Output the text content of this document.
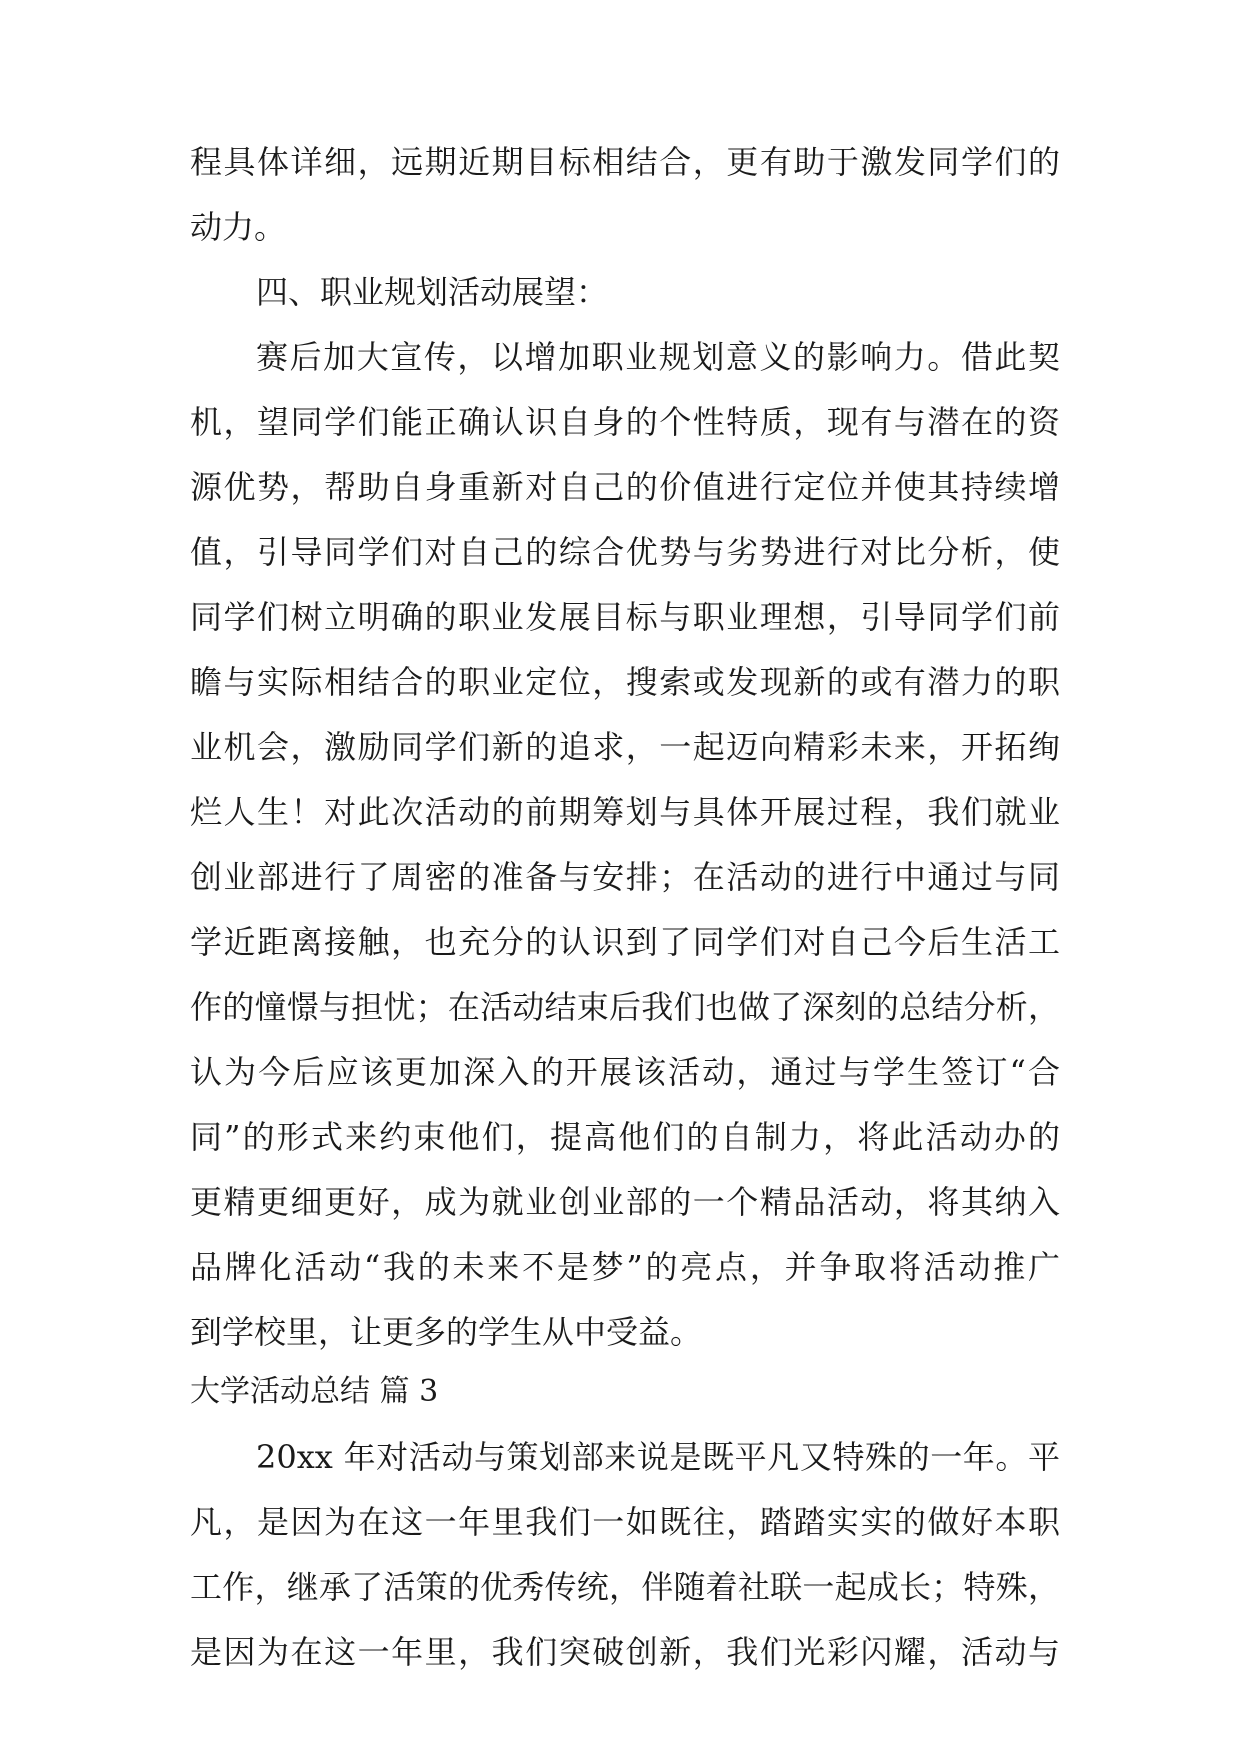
程具体详细，远期近期目标相结合，更有助于激发同学们的
动力。
四、职业规划活动展望：
赛后加大宣传，以增加职业规划意义的影响力。借此契
机，望同学们能正确认识自身的个性特质，现有与潜在的资
源优势，帮助自身重新对自己的价值进行定位并使其持续增
值，引导同学们对自己的综合优势与劣势进行对比分析，使
同学们树立明确的职业发展目标与职业理想，引导同学们前
瞻与实际相结合的职业定位，搜索或发现新的或有潜力的职
业机会，激励同学们新的追求，一起迈向精彩未来，开拓绚
烂人生！对此次活动的前期筹划与具体开展过程，我们就业
创业部进行了周密的准备与安排；在活动的进行中通过与同
学近距离接触，也充分的认识到了同学们对自己今后生活工
作的憧憬与担忧；在活动结束后我们也做了深刻的总结分析，
认为今后应该更加深入的开展该活动，通过与学生签订“合
同”的形式来约束他们，提高他们的自制力，将此活动办的
更精更细更好，成为就业创业部的一个精品活动，将其纳入
品牌化活动“我的未来不是梦”的亮点，并争取将活动推广
到学校里，让更多的学生从中受益。
大学活动总结 篇 3
20xx 年对活动与策划部来说是既平凡又特殊的一年。平
凡，是因为在这一年里我们一如既往，踏踏实实的做好本职
工作，继承了活策的优秀传统，伴随着社联一起成长；特殊，
是因为在这一年里，我们突破创新，我们光彩闪耀，活动与
